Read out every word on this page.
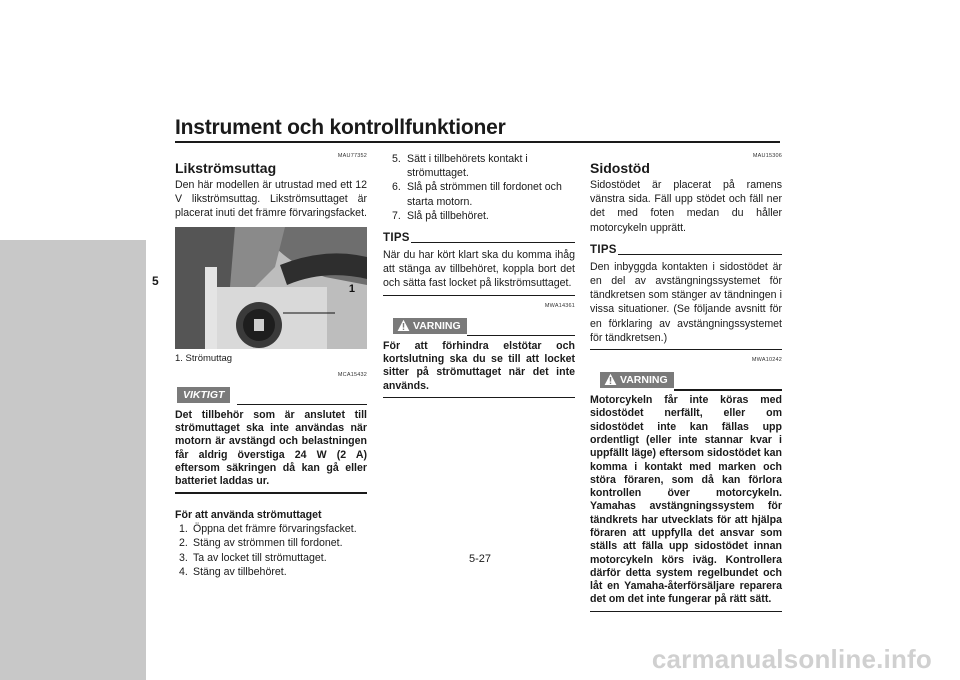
Instrument och kontrollfunktioner
5
MAU77352
Likströmsuttag
Den här modellen är utrustad med ett 12 V likströmsuttag. Likströmsuttaget är placerat inuti det främre förvaringsfacket.
1
1. Strömuttag
MCA15432
VIKTIGT
Det tillbehör som är anslutet till strömuttaget ska inte användas när motorn är avstängd och belastningen får aldrig överstiga 24 W (2 A) eftersom säkringen då kan gå eller batteriet laddas ur.
För att använda strömuttaget
1. Öppna det främre förvaringsfacket.
2. Stäng av strömmen till fordonet.
3. Ta av locket till strömuttaget.
4. Stäng av tillbehöret.
5. Sätt i tillbehörets kontakt i strömuttaget.
6. Slå på strömmen till fordonet och starta motorn.
7. Slå på tillbehöret.
TIPS
När du har kört klart ska du komma ihåg att stänga av tillbehöret, koppla bort det och sätta fast locket på likströmsuttaget.
MWA14361
VARNING
För att förhindra elstötar och kortslutning ska du se till att locket sitter på strömuttaget när det inte används.
MAU15306
Sidostöd
Sidostödet är placerat på ramens vänstra sida. Fäll upp stödet och fäll ner det med foten medan du håller motorcykeln upprätt.
TIPS
Den inbyggda kontakten i sidostödet är en del av avstängningssystemet för tändkretsen som stänger av tändningen i vissa situationer. (Se följande avsnitt för en förklaring av avstängningssystemet för tändkretsen.)
MWA10242
VARNING
Motorcykeln får inte köras med sidostödet nerfällt, eller om sidostödet inte kan fällas upp ordentligt (eller inte stannar kvar i uppfällt läge) eftersom sidostödet kan komma i kontakt med marken och störa föraren, som då kan förlora kontrollen över motorcykeln. Yamahas avstängningssystem för tändkrets har utvecklats för att hjälpa föraren att uppfylla det ansvar som ställs att fälla upp sidostödet innan motorcykeln körs iväg. Kontrollera därför detta system regelbundet och låt en Yamaha-återförsäljare reparera det om det inte fungerar på rätt sätt.
5-27
carmanualsonline.info
